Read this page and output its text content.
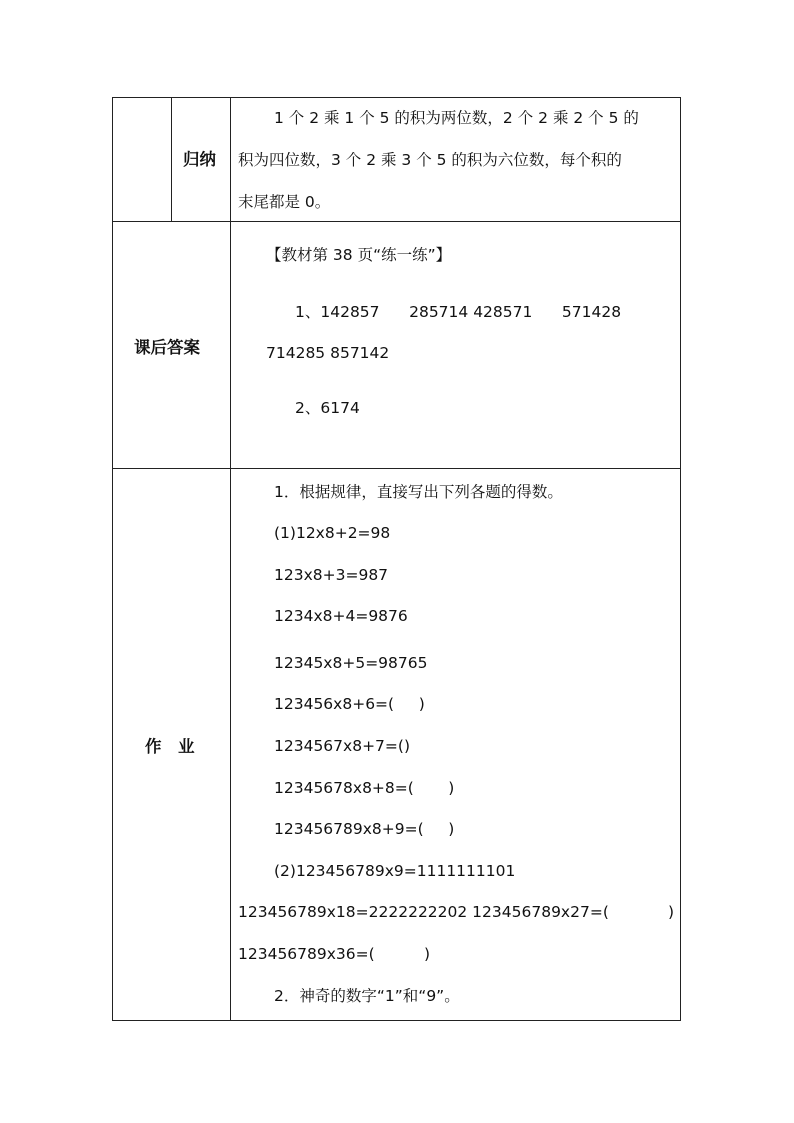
归纳
1 个 2 乘 1 个 5 的积为两位数，2 个 2 乘 2 个 5 的
积为四位数，3 个 2 乘 3 个 5 的积为六位数，每个积的
末尾都是 0。
课后答案
【教材第 38 页“练一练”】
1、142857      285714 428571      571428
714285 857142
2、6174
作　业
1．根据规律，直接写出下列各题的得数。
(1)12x8+2=98
123x8+3=987
1234x8+4=9876
12345x8+5=98765
123456x8+6=(     )
1234567x8+7=()
12345678x8+8=(       )
123456789x8+9=(     )
(2)123456789x9=1111111101
123456789x18=2222222202 123456789x27=(            )
123456789x36=(          )
2．神奇的数字“1”和“9”。
